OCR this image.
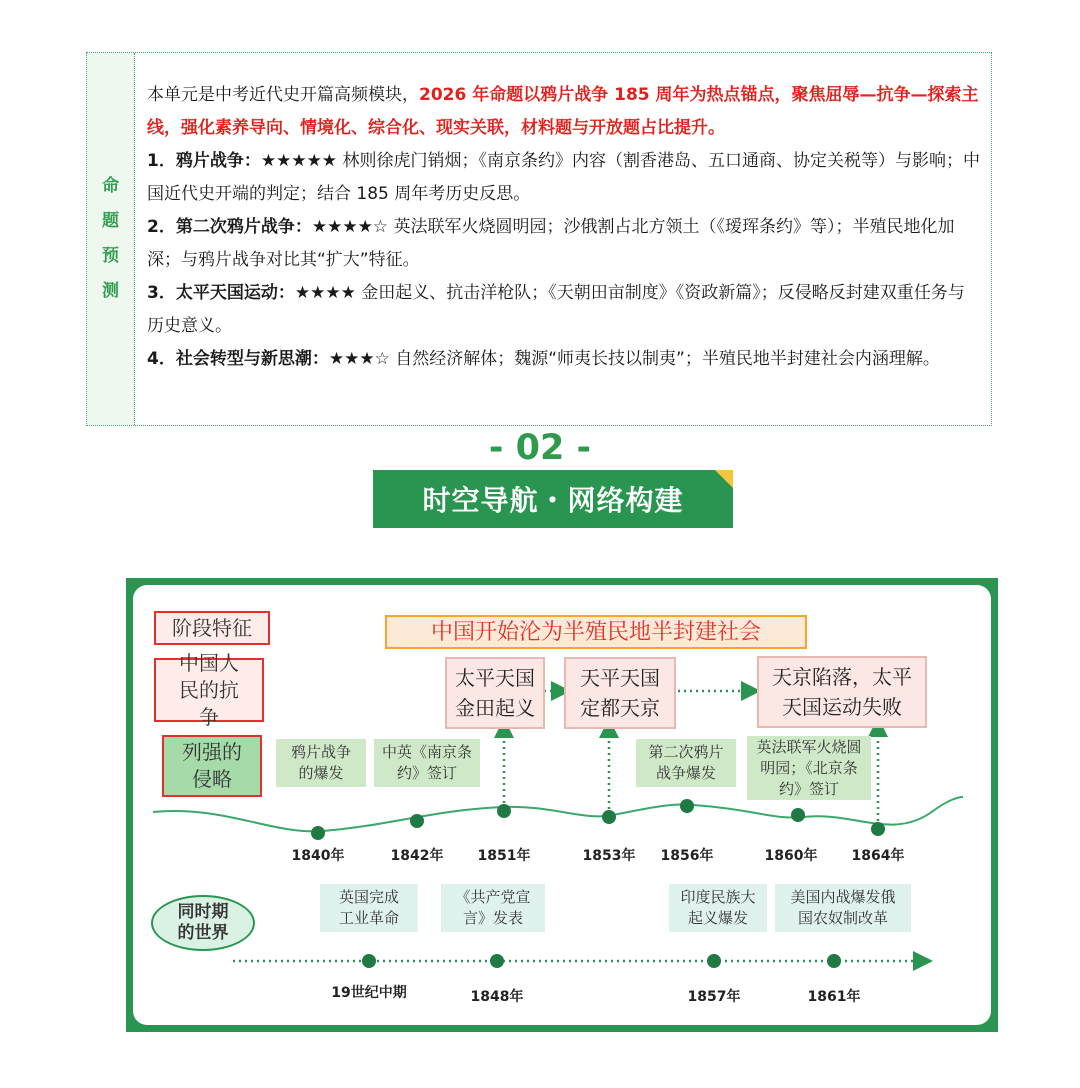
命
题
预
测

本单元是中考近代史开篇高频模块，2026 年命题以鸦片战争 185 周年为热点锚点，聚焦屈辱—抗争—探索主线，强化素养导向、情境化、综合化、现实关联，材料题与开放题占比提升。

1．鸦片战争：★★★★★ 林则徐虎门销烟；《南京条约》内容（割香港岛、五口通商、协定关税等）与影响；中国近代史开端的判定；结合 185 周年考历史反思。

2．第二次鸦片战争：★★★★☆ 英法联军火烧圆明园；沙俄割占北方领土（《瑷珲条约》等）；半殖民地化加深；与鸦片战争对比其“扩大”特征。

3．太平天国运动：★★★★ 金田起义、抗击洋枪队；《天朝田亩制度》《资政新篇》；反侵略反封建双重任务与历史意义。

4．社会转型与新思潮：★★★☆ 自然经济解体；魏源“师夷长技以制夷”；半殖民地半封建社会内涵理解。

- 02 -
时空导航・网络构建
阶段特征
中国人民的抗争
列强的侵略
同时期的世界
中国开始沦为半殖民地半封建社会
太平天国金田起义
天平天国定都天京
天京陷落，太平天国运动失败
鸦片战争的爆发
中英《南京条约》签订
第二次鸦片战争爆发
英法联军火烧圆明园；《北京条约》签订
1840年	1842年	1851年	1853年	1856年	1860年	1864年
英国完成工业革命
《共产党宣言》发表
印度民族大起义爆发
美国内战爆发俄国农奴制改革
19世纪中期	1848年	1857年	1861年
